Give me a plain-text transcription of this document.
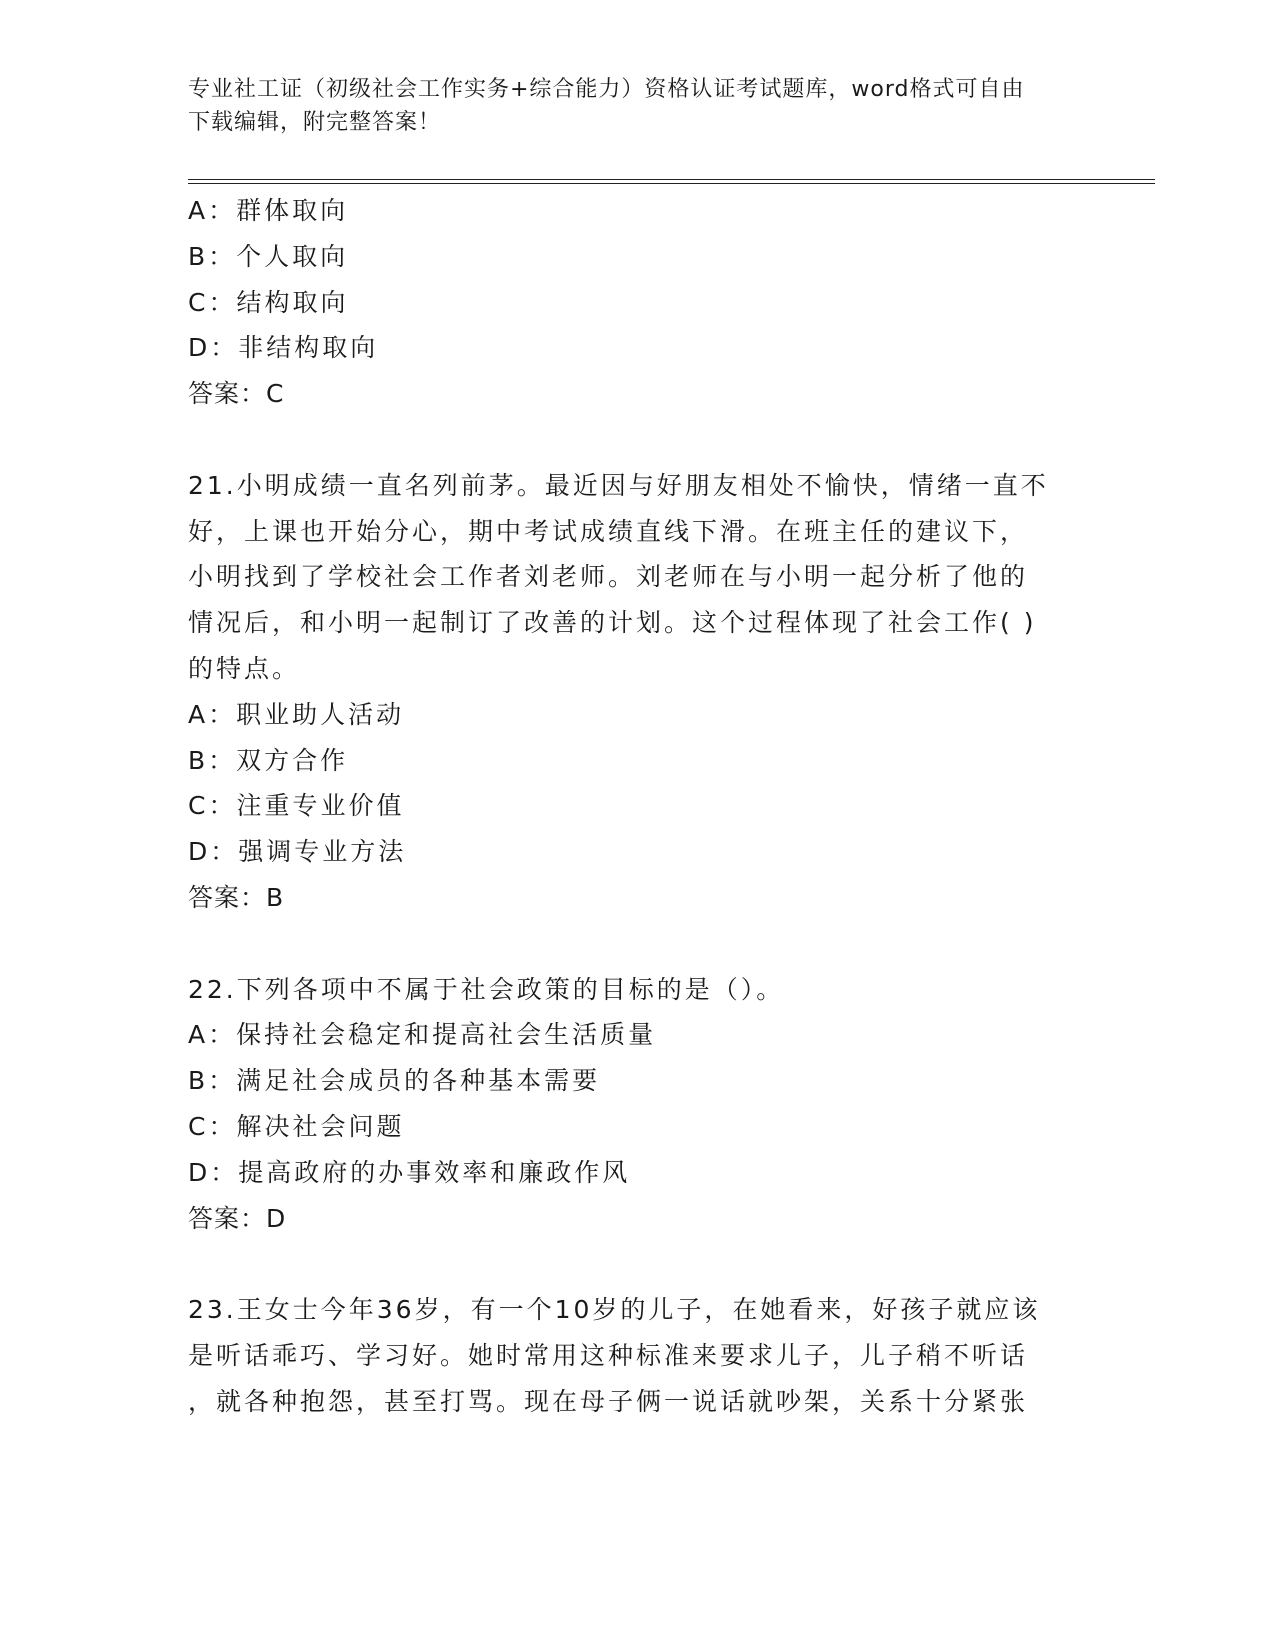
专业社工证（初级社会工作实务+综合能力）资格认证考试题库，word格式可自由
下载编辑，附完整答案！
A：群体取向
B：个人取向
C：结构取向
D：非结构取向
答案：C
21.小明成绩一直名列前茅。最近因与好朋友相处不愉快，情绪一直不
好，上课也开始分心，期中考试成绩直线下滑。在班主任的建议下，
小明找到了学校社会工作者刘老师。刘老师在与小明一起分析了他的
情况后，和小明一起制订了改善的计划。这个过程体现了社会工作( )
的特点。
A：职业助人活动
B：双方合作
C：注重专业价值
D：强调专业方法
答案：B
22.下列各项中不属于社会政策的目标的是（）。
A：保持社会稳定和提高社会生活质量
B：满足社会成员的各种基本需要
C：解决社会问题
D：提高政府的办事效率和廉政作风
答案：D
23.王女士今年36岁，有一个10岁的儿子，在她看来，好孩子就应该
是听话乖巧、学习好。她时常用这种标准来要求儿子，儿子稍不听话
，就各种抱怨，甚至打骂。现在母子俩一说话就吵架，关系十分紧张
